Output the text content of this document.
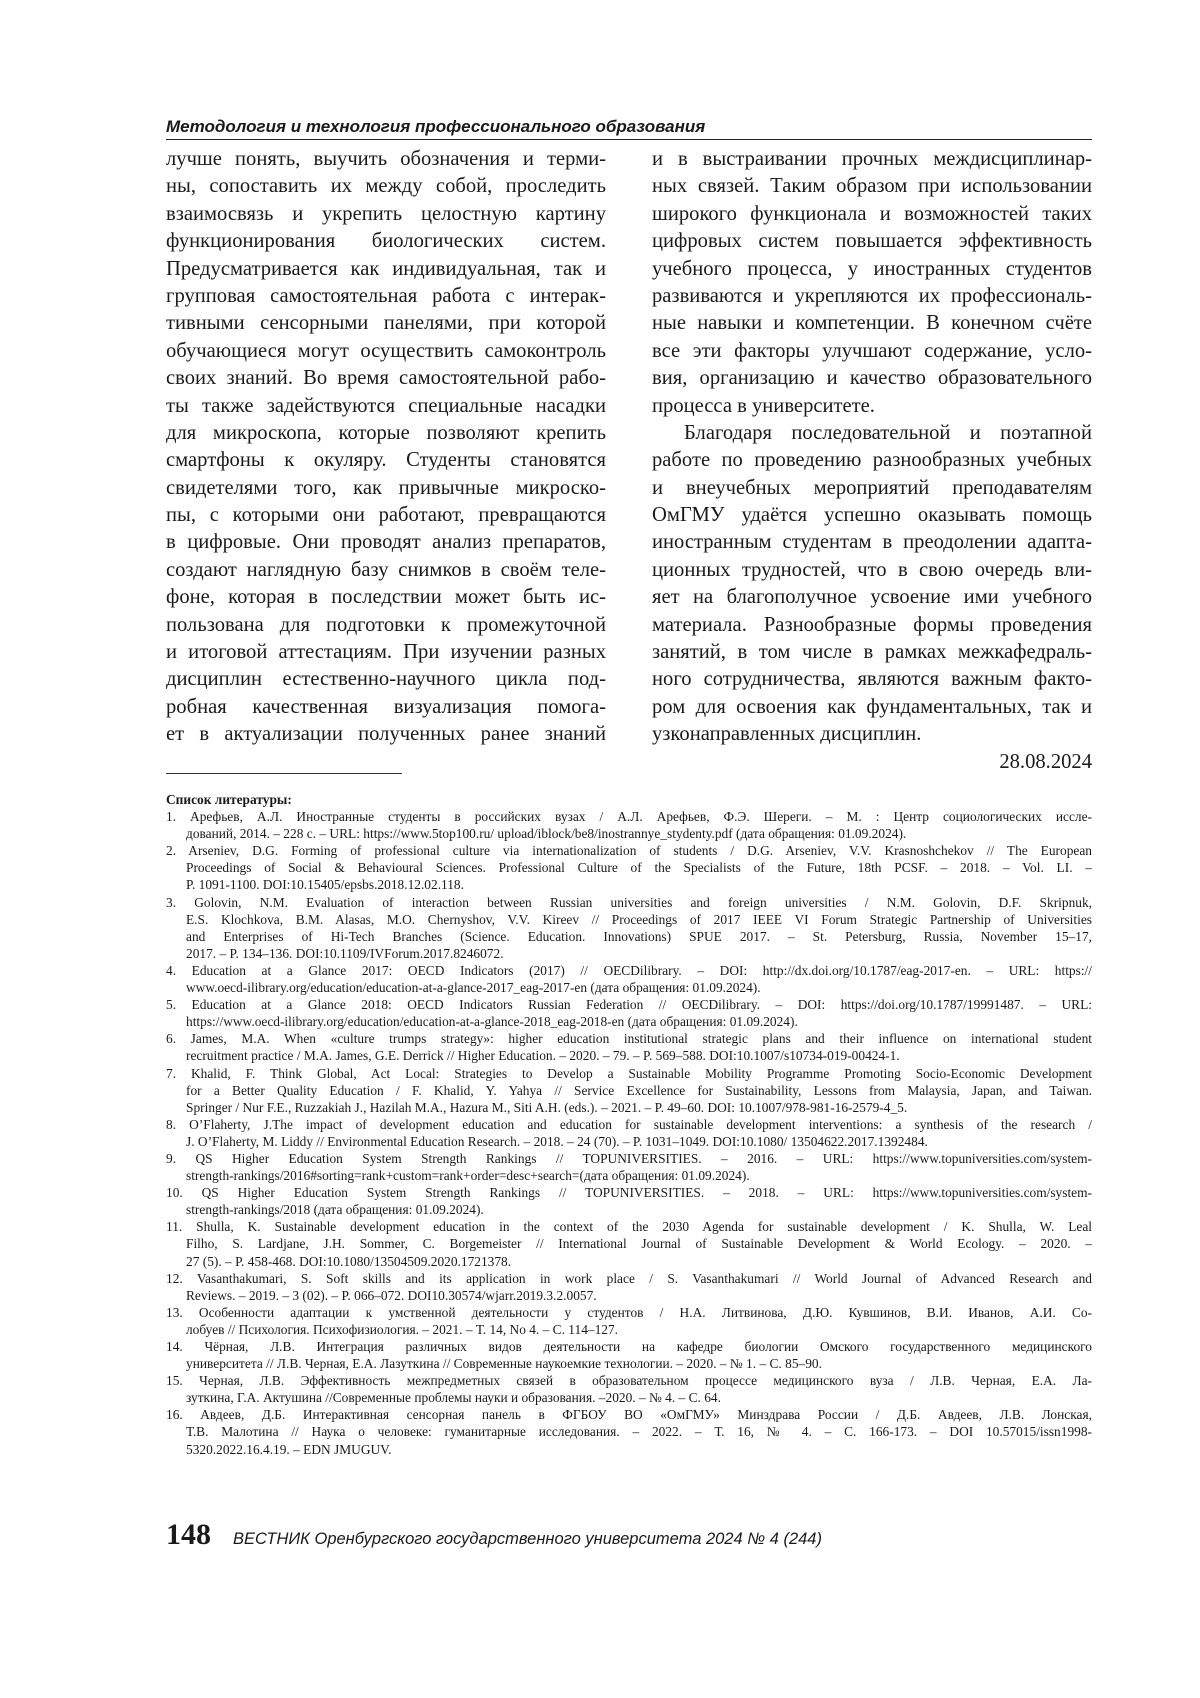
Методология и технология профессионального образования
лучше понять, выучить обозначения и терми-
ны, сопоставить их между собой, проследить
взаимосвязь и укрепить целостную картину
функционирования биологических систем.
Предусматривается как индивидуальная, так и
групповая самостоятельная работа с интерак-
тивными сенсорными панелями, при которой
обучающиеся могут осуществить самоконтроль
своих знаний. Во время самостоятельной рабо-
ты также задействуются специальные насадки
для микроскопа, которые позволяют крепить
смартфоны к окуляру. Студенты становятся
свидетелями того, как привычные микроско-
пы, с которыми они работают, превращаются
в цифровые. Они проводят анализ препаратов,
создают наглядную базу снимков в своём теле-
фоне, которая в последствии может быть ис-
пользована для подготовки к промежуточной
и итоговой аттестациям. При изучении разных
дисциплин естественно-научного цикла под-
робная качественная визуализация помога-
ет в актуализации полученных ранее знаний
и в выстраивании прочных междисциплинар-
ных связей. Таким образом при использовании
широкого функционала и возможностей таких
цифровых систем повышается эффективность
учебного процесса, у иностранных студентов
развиваются и укрепляются их профессиональ-
ные навыки и компетенции. В конечном счёте
все эти факторы улучшают содержание, усло-
вия, организацию и качество образовательного
процесса в университете.
Благодаря последовательной и поэтапной
работе по проведению разнообразных учебных
и внеучебных мероприятий преподавателям
ОмГМУ удаётся успешно оказывать помощь
иностранным студентам в преодолении адапта-
ционных трудностей, что в свою очередь вли-
яет на благополучное усвоение ими учебного
материала. Разнообразные формы проведения
занятий, в том числе в рамках межкафедраль-
ного сотрудничества, являются важным факто-
ром для освоения как фундаментальных, так и
узконаправленных дисциплин.
28.08.2024
Список литературы:
1. Арефьев, А.Л. Иностранные студенты в российских вузах / А.Л. Арефьев, Ф.Э. Шереги. – М. : Центр социологических иссле-
дований, 2014. – 228 с. – URL: https://www.5top100.ru/ upload/iblock/be8/inostrannye_stydenty.pdf (дата обращения: 01.09.2024).
2. Arseniev, D.G. Forming of professional culture via internationalization of students / D.G. Arseniev, V.V. Krasnoshchekov // The European
Proceedings of Social & Behavioural Sciences. Professional Culture of the Specialists of the Future, 18th PCSF. – 2018. – Vol. LI. –
P. 1091-1100. DOI:10.15405/epsbs.2018.12.02.118.
3. Golovin, N.M. Evaluation of interaction between Russian universities and foreign universities / N.M. Golovin, D.F. Skripnuk,
E.S. Klochkova, B.M. Alasas, M.O. Chernyshov, V.V. Kireev // Proceedings of 2017 IEEE VI Forum Strategic Partnership of Universities
and Enterprises of Hi-Tech Branches (Science. Education. Innovations) SPUE 2017. – St. Petersburg, Russia, November 15–17,
2017. – P. 134–136. DOI:10.1109/IVForum.2017.8246072.
4. Education at a Glance 2017: OECD Indicators (2017) // OECDilibrary. – DOI: http://dx.doi.org/10.1787/eag-2017-en. – URL: https://
www.oecd-ilibrary.org/education/education-at-a-glance-2017_eag-2017-en (дата обращения: 01.09.2024).
5. Education at a Glance 2018: OECD Indicators Russian Federation // OECDilibrary. – DOI: https://doi.org/10.1787/19991487. – URL:
https://www.oecd-ilibrary.org/education/education-at-a-glance-2018_eag-2018-en (дата обращения: 01.09.2024).
6. James, M.A. When «culture trumps strategy»: higher education institutional strategic plans and their influence on international student
recruitment practice / M.A. James, G.E. Derrick // Higher Education. – 2020. – 79. – P. 569–588. DOI:10.1007/s10734-019-00424-1.
7. Khalid, F. Think Global, Act Local: Strategies to Develop a Sustainable Mobility Programme Promoting Socio-Economic Development
for a Better Quality Education / F. Khalid, Y. Yahya // Service Excellence for Sustainability, Lessons from Malaysia, Japan, and Taiwan.
Springer / Nur F.E., Ruzzakiah J., Hazilah M.A., Hazura M., Siti A.H. (eds.). – 2021. – P. 49–60. DOI: 10.1007/978-981-16-2579-4_5.
8. O’Flaherty, J.The impact of development education and education for sustainable development interventions: a synthesis of the research /
J. O’Flaherty, M. Liddy // Environmental Education Research. – 2018. – 24 (70). – P. 1031–1049. DOI:10.1080/ 13504622.2017.1392484.
9. QS Higher Education System Strength Rankings // TOPUNIVERSITIES. – 2016. – URL: https://www.topuniversities.com/system-
strength-rankings/2016#sorting=rank+custom=rank+order=desc+search=(дата обращения: 01.09.2024).
10. QS Higher Education System Strength Rankings // TOPUNIVERSITIES. – 2018. – URL: https://www.topuniversities.com/system-
strength-rankings/2018 (дата обращения: 01.09.2024).
11. Shulla, K. Sustainable development education in the context of the 2030 Agenda for sustainable development / K. Shulla, W. Leal
Filho, S. Lardjane, J.H. Sommer, C. Borgemeister // International Journal of Sustainable Development & World Ecology. – 2020. –
27 (5). – P. 458-468. DOI:10.1080/13504509.2020.1721378.
12. Vasanthakumari, S. Soft skills and its application in work place / S. Vasanthakumari // World Journal of Advanced Research and
Reviews. – 2019. – 3 (02). – P. 066–072. DOI10.30574/wjarr.2019.3.2.0057.
13. Особенности адаптации к умственной деятельности у студентов / Н.А. Литвинова, Д.Ю. Кувшинов, В.И. Иванов, А.И. Со-
лобуев // Психология. Психофизиология. – 2021. – Т. 14, No 4. – С. 114–127.
14. Чёрная, Л.В. Интеграция различных видов деятельности на кафедре биологии Омского государственного медицинского
университета // Л.В. Черная, Е.А. Лазуткина // Современные наукоемкие технологии. – 2020. – № 1. – С. 85–90.
15. Черная, Л.В. Эффективность межпредметных связей в образовательном процессе медицинского вуза / Л.В. Черная, Е.А. Ла-
зуткина, Г.А. Актушина //Современные проблемы науки и образования. –2020. – № 4. – С. 64.
16. Авдеев, Д.Б. Интерактивная сенсорная панель в ФГБОУ ВО «ОмГМУ» Минздрава России / Д.Б. Авдеев, Л.В. Лонская,
Т.В. Малотина // Наука о человеке: гуманитарные исследования. – 2022. – Т. 16, № 4. – С. 166-173. – DOI 10.57015/issn1998-
5320.2022.16.4.19. – EDN JMUGUV.
148 ВЕСТНИК Оренбургского государственного университета 2024 № 4 (244)
